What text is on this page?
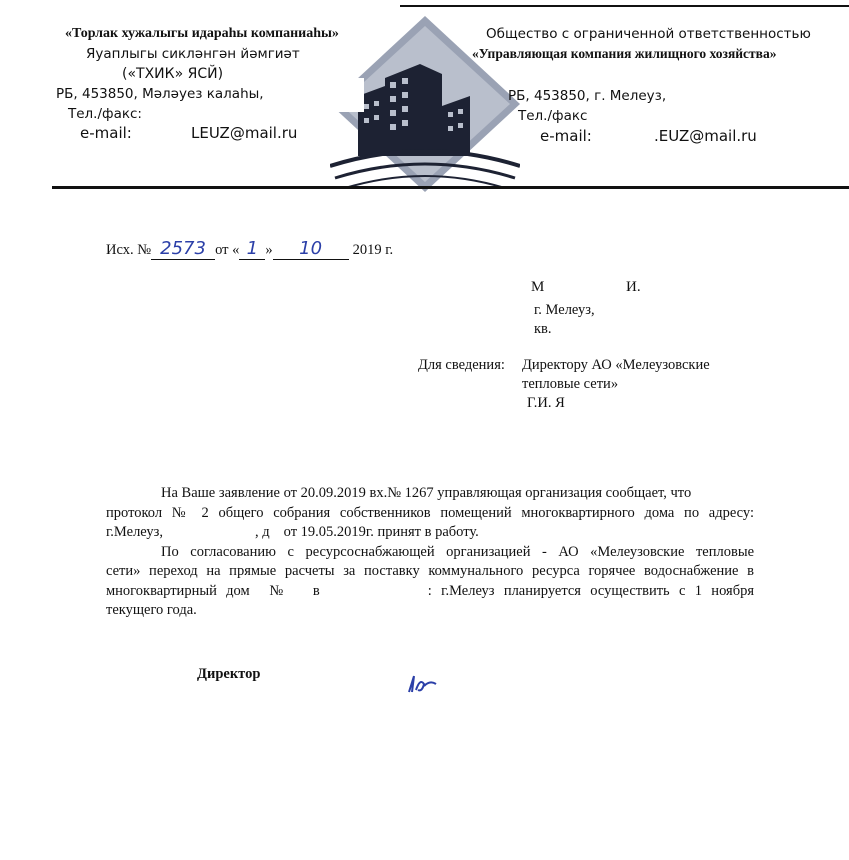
«Торлак хужалыгы идараhы компаниаhы»
Яуаплыгы сиклəнгəн йəмгиəт
(«ТХИК» ЯСЙ)
РБ, 453850, Мəлəуез калаhы,
Тел./факс:
e-mail:	LEUZ@mail.ru
Общество с ограниченной ответственностью
«Управляющая компания жилищного хозяйства»
РБ, 453850, г. Мелеуз,
Тел./факс
e-mail:	.EUZ@mail.ru
Исх. № 2573 от « 1 » 10 2019 г.
М	И.
г. Мелеуз,
кв.
Для сведения: Директору АО «Мелеузовские
тепловые сети»
Г.И. Я
На Ваше заявление от 20.09.2019 вх.№ 1267 управляющая организация сообщает, что
протокол № 2 общего собрания собственников помещений многоквартирного дома по адресу:
г.Мелеуз,	, д от 19.05.2019г. принят в работу.
По согласованию с ресурсоснабжающей организацией - АО «Мелеузовские тепловые
сети» переход на прямые расчеты за поставку коммунального ресурса горячее водоснабжение в
многоквартирный дом № в	: г.Мелеуз планируется осуществить с 1 ноября
текущего года.
Директор
